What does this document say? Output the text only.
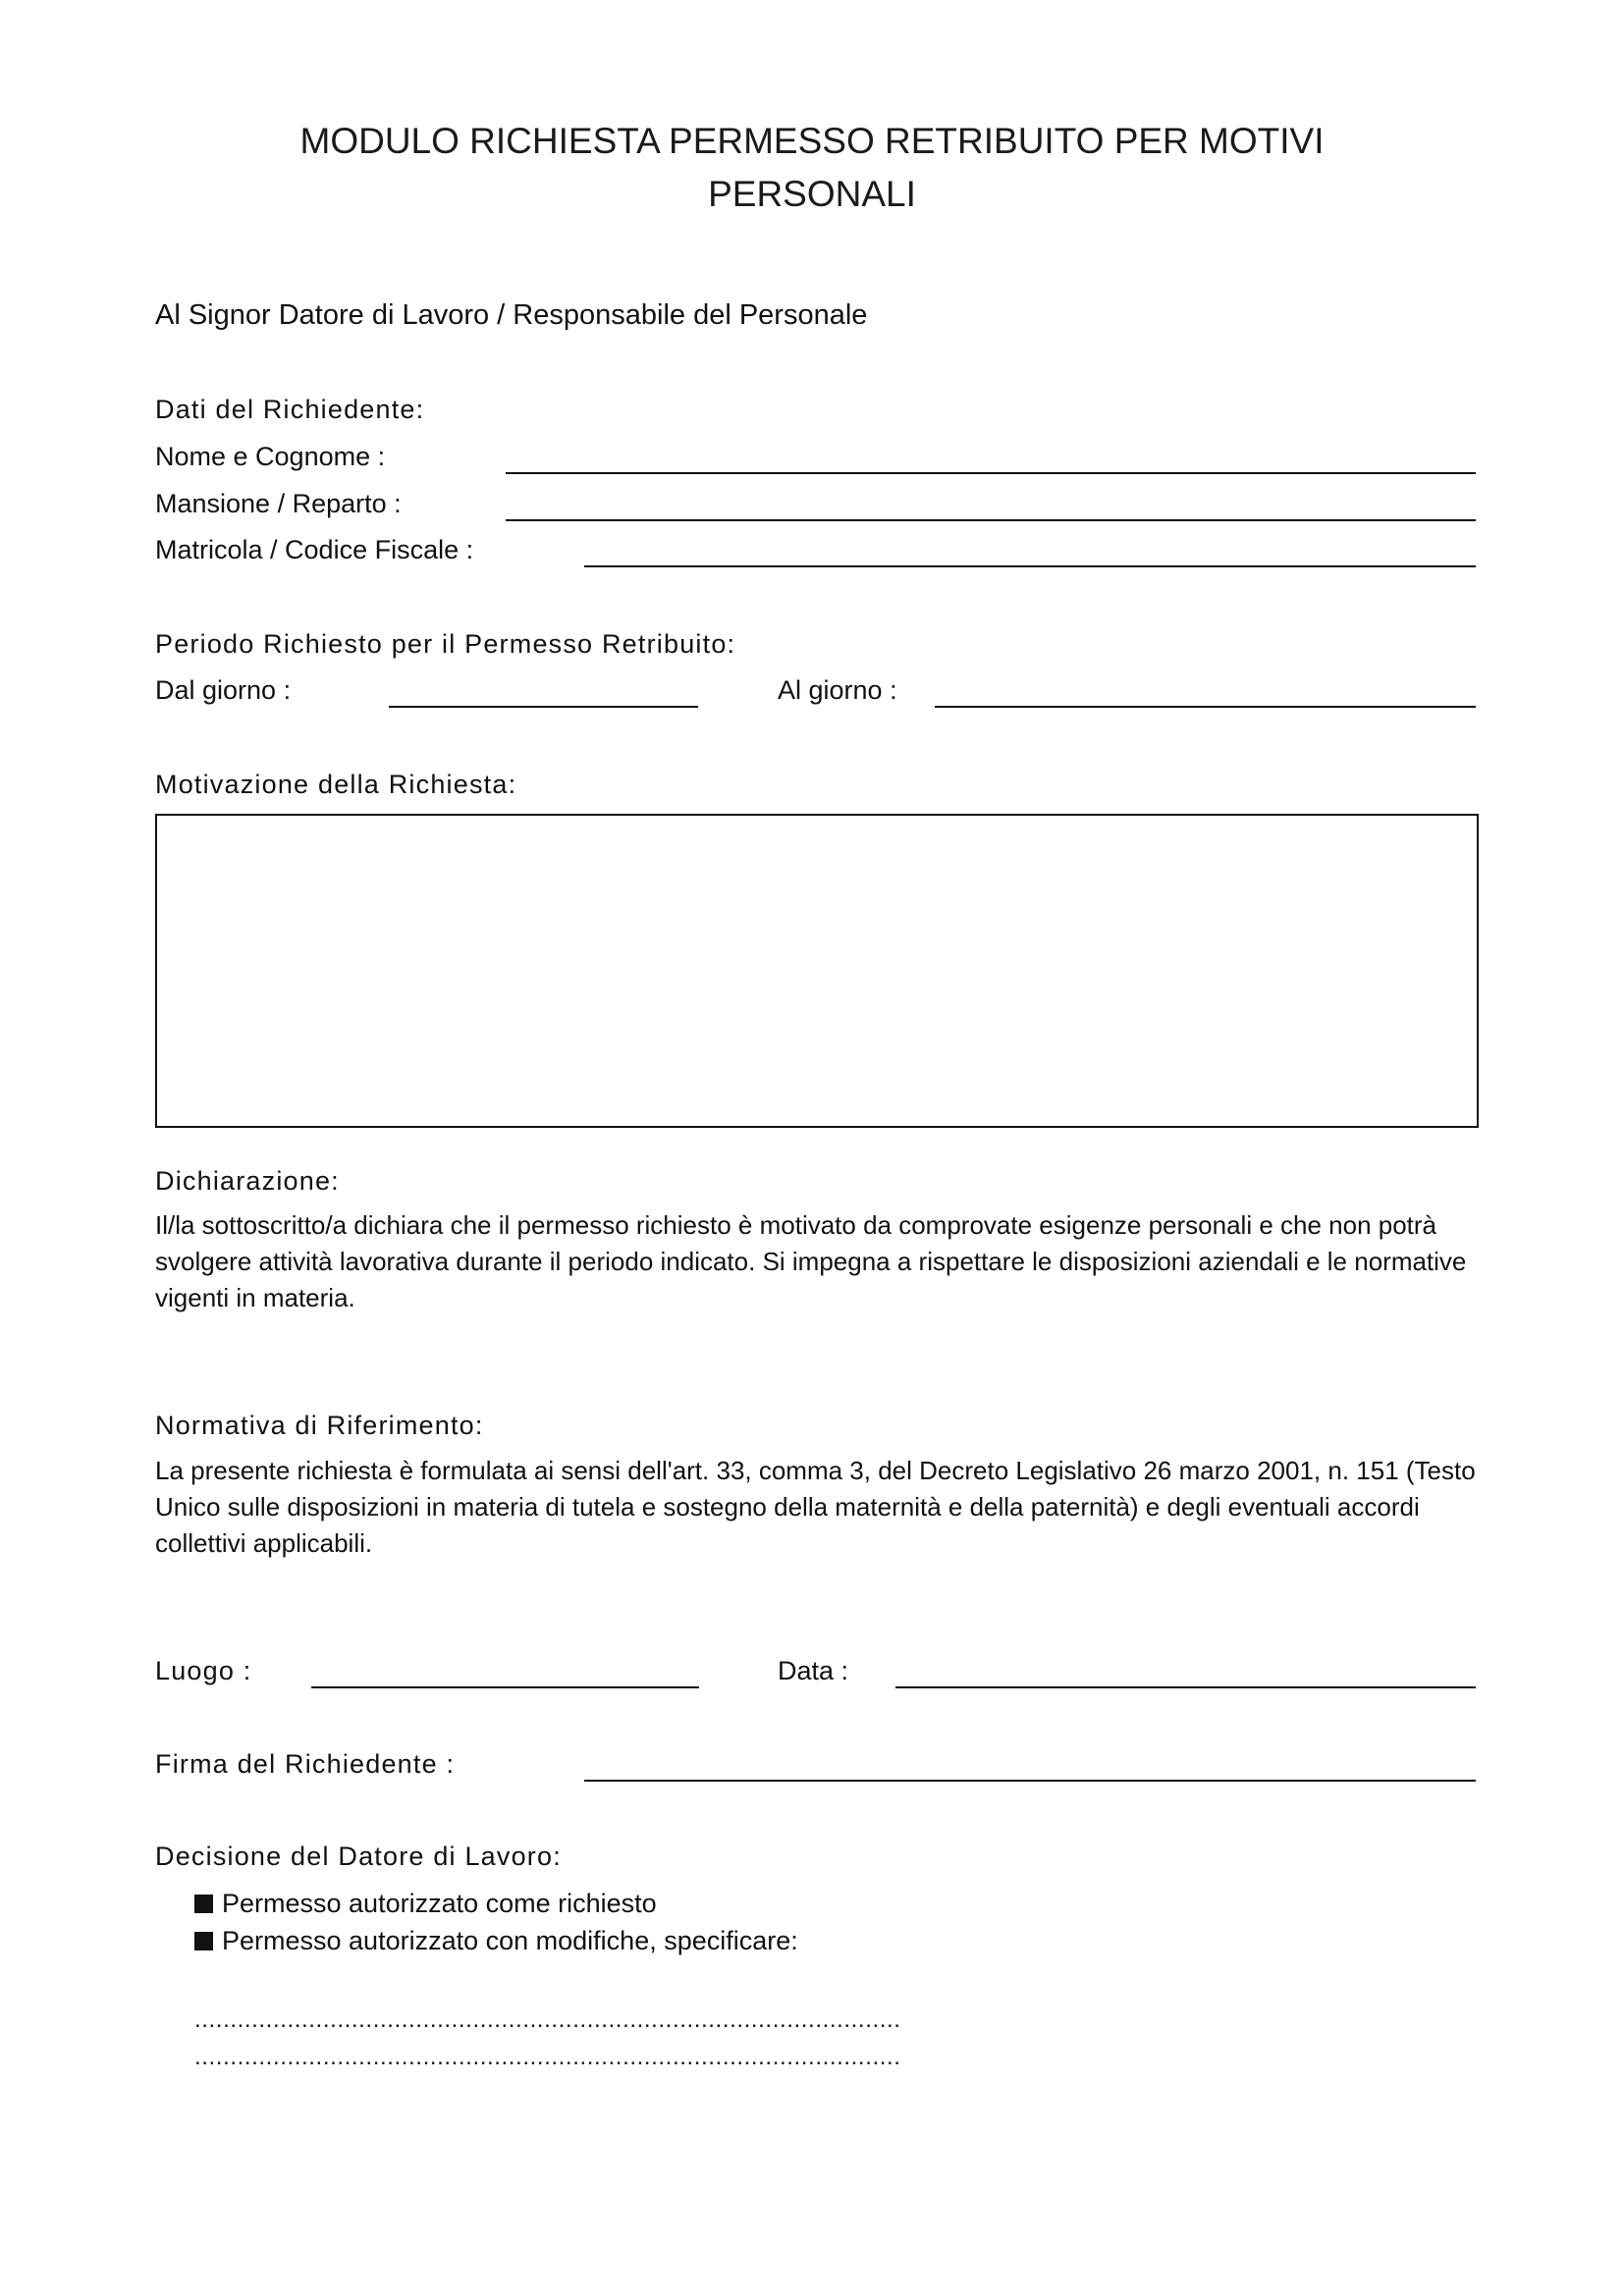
MODULO RICHIESTA PERMESSO RETRIBUITO PER MOTIVI
PERSONALI
Al Signor Datore di Lavoro / Responsabile del Personale
Dati del Richiedente:
Nome e Cognome :
Mansione / Reparto :
Matricola / Codice Fiscale :
Periodo Richiesto per il Permesso Retribuito:
Dal giorno :	Al giorno :
Motivazione della Richiesta:
Dichiarazione:
Il/la sottoscritto/a dichiara che il permesso richiesto è motivato da comprovate esigenze personali e che non potrà svolgere attività lavorativa durante il periodo indicato. Si impegna a rispettare le disposizioni aziendali e le normative vigenti in materia.
Normativa di Riferimento:
La presente richiesta è formulata ai sensi dell'art. 33, comma 3, del Decreto Legislativo 26 marzo 2001, n. 151 (Testo Unico sulle disposizioni in materia di tutela e sostegno della maternità e della paternità) e degli eventuali accordi collettivi applicabili.
Luogo :	Data :
Firma del Richiedente :
Decisione del Datore di Lavoro:
Permesso autorizzato come richiesto
Permesso autorizzato con modifiche, specificare:
...................................................................................................
...................................................................................................
